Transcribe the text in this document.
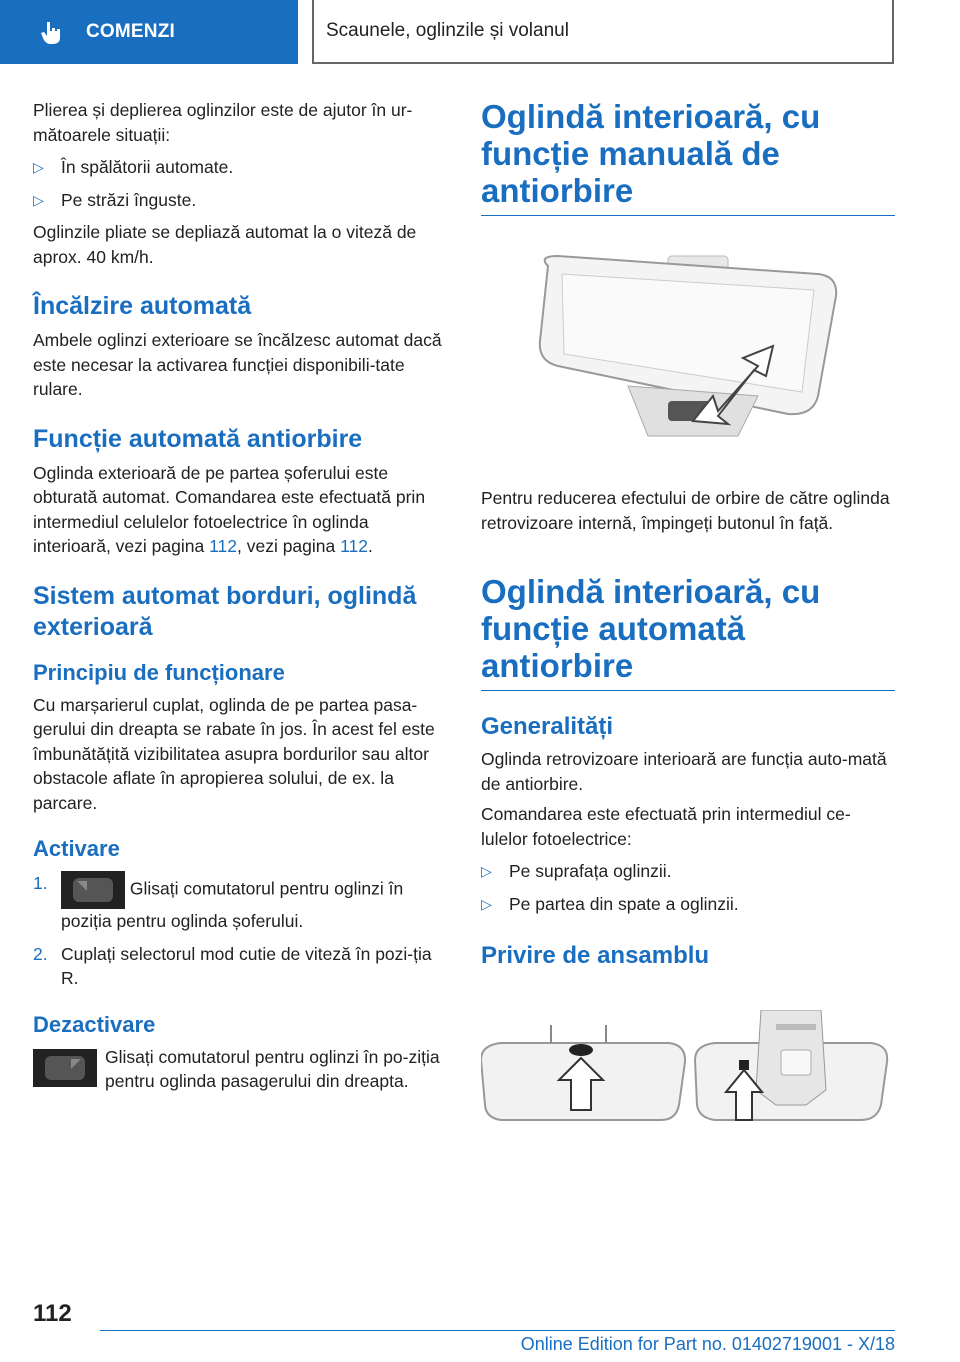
COMENZI	Scaunele, oglinzile și volanul

Plierea și deplierea oglinzilor este de ajutor în ur-mătoarele situații:

▷ În spălătorii automate.
▷ Pe străzi înguste.

Oglinzile pliate se depliază automat la o viteză de aprox. 40 km/h.

Încălzire automată

Ambele oglinzi exterioare se încălzesc automat dacă este necesar la activarea funcției disponibili-tate rulare.

Funcție automată antiorbire

Oglinda exterioară de pe partea șoferului este obturată automat. Comandarea este efectuată prin intermediul celulelor fotoelectrice în oglinda interioară, vezi pagina 112, vezi pagina 112.

Sistem automat borduri, oglindă exterioară
Principiu de funcționare

Cu marșarierul cuplat, oglinda de pe partea pasa-gerului din dreapta se rabate în jos. În acest fel este îmbunătățită vizibilitatea asupra bordurilor sau altor obstacole aflate în apropierea solului, de ex. la parcare.

Activare
1.	Glisați comutatorul pentru oglinzi în poziția pentru oglinda șoferului.
2. Cuplați selectorul mod cutie de viteză în pozi-ția R.
Dezactivare

Glisați comutatorul pentru oglinzi în po-ziția pentru oglinda pasagerului din dreapta.

Oglindă interioară, cu funcție manuală de antiorbire

Pentru reducerea efectului de orbire de către oglinda retrovizoare internă, împingeți butonul în față.

Oglindă interioară, cu funcție automată antiorbire
Generalități

Oglinda retrovizoare interioară are funcția auto-mată de antiorbire.

Comandarea este efectuată prin intermediul ce-lulelor fotoelectrice:

▷ Pe suprafața oglinzii.
▷ Pe partea din spate a oglinzii.
Privire de ansamblu
112
Online Edition for Part no. 01402719001 - X/18
